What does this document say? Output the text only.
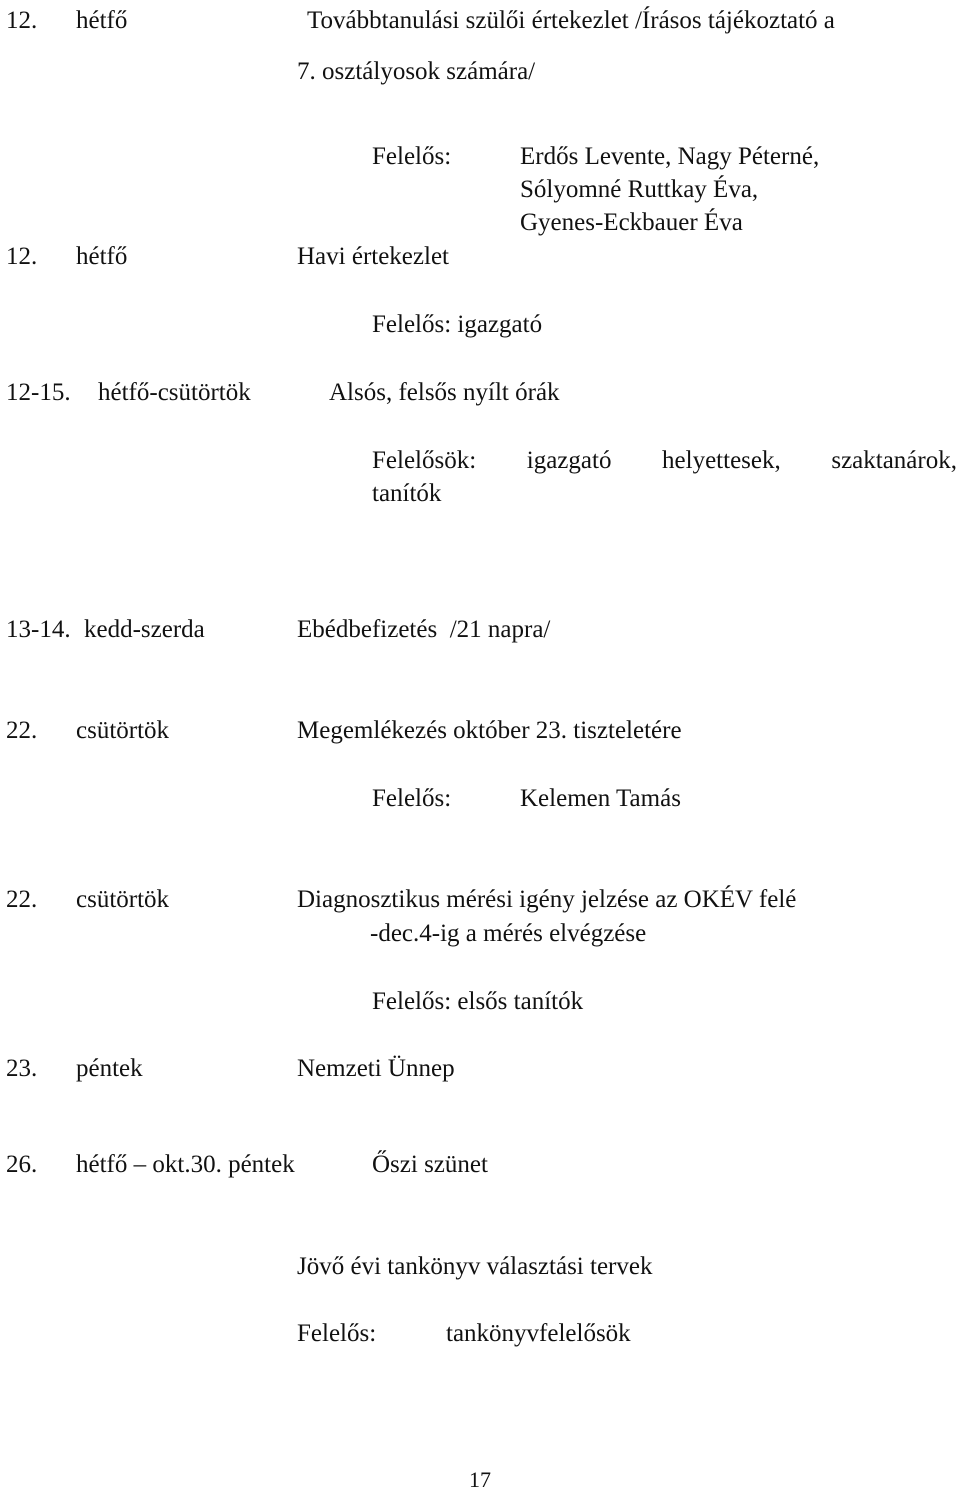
12. hétfő	Továbbtanulási szülői értekezlet /Írásos tájékoztató a
7. osztályosok számára/
Felelős:	Erdős Levente, Nagy Péterné,
Sólyomné Ruttkay Éva,
Gyenes-Eckbauer Éva
12. hétfő	Havi értekezlet
Felelős: igazgató
12-15. hétfő-csütörtök	Alsós, felsős nyílt órák
Felelősök: igazgató helyettesek, szaktanárok,
tanítók
13-14. kedd-szerda	Ebédbefizetés  /21 napra/
22. csütörtök	Megemlékezés október 23. tiszteletére
Felelős:	Kelemen Tamás
22. csütörtök	Diagnosztikus mérési igény jelzése az OKÉV felé
-dec.4-ig a mérés elvégzése
Felelős: elsős tanítók
23. péntek	Nemzeti Ünnep
26. hétfő – okt.30. péntek	Őszi szünet
Jövő évi tankönyv választási tervek
Felelős:	tankönyvfelelősök
17
